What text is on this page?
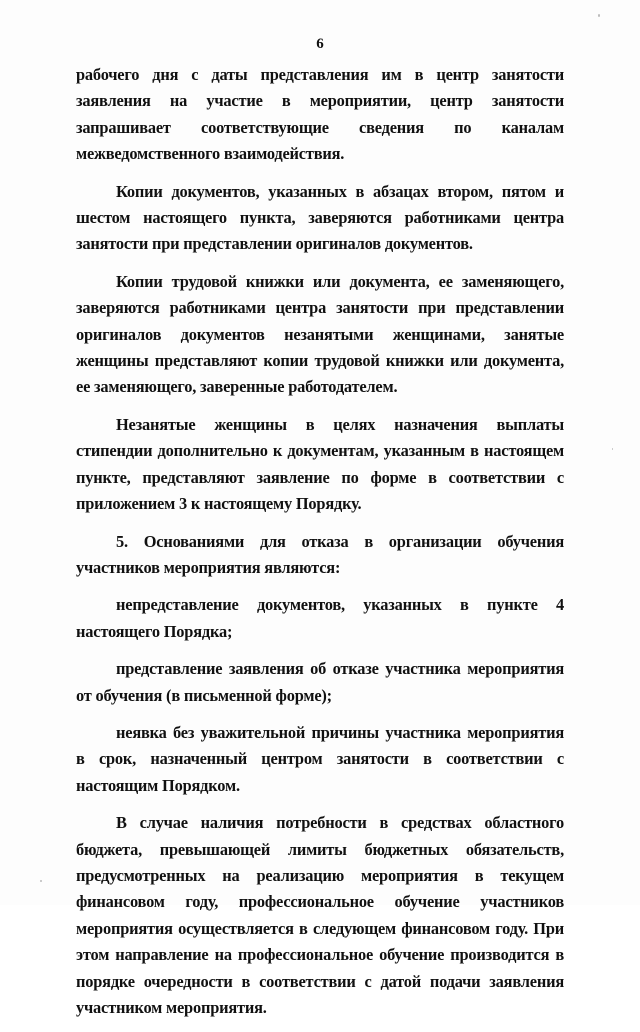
6

рабочего дня с даты представления им в центр занятости заявления на участие в мероприятии, центр занятости запрашивает соответствующие сведения по каналам межведомственного взаимодействия.

Копии документов, указанных в абзацах втором, пятом и шестом настоящего пункта, заверяются работниками центра занятости при представлении оригиналов документов.

Копии трудовой книжки или документа, ее заменяющего, заверяются работниками центра занятости при представлении оригиналов документов незанятыми женщинами, занятые женщины представляют копии трудовой книжки или документа, ее заменяющего, заверенные работодателем.

Незанятые женщины в целях назначения выплаты стипендии дополнительно к документам, указанным в настоящем пункте, представляют заявление по форме в соответствии с приложением 3 к настоящему Порядку.

5. Основаниями для отказа в организации обучения участников мероприятия являются:

непредставление документов, указанных в пункте 4 настоящего Порядка;

представление заявления об отказе участника мероприятия от обучения (в письменной форме);

неявка без уважительной причины участника мероприятия в срок, назначенный центром занятости в соответствии с настоящим Порядком.

В случае наличия потребности в средствах областного бюджета, превышающей лимиты бюджетных обязательств, предусмотренных на реализацию мероприятия в текущем финансовом году, профессиональное обучение участников мероприятия осуществляется в следующем финансовом году. При этом направление на профессиональное обучение производится в порядке очередности в соответствии с датой подачи заявления участником мероприятия.
